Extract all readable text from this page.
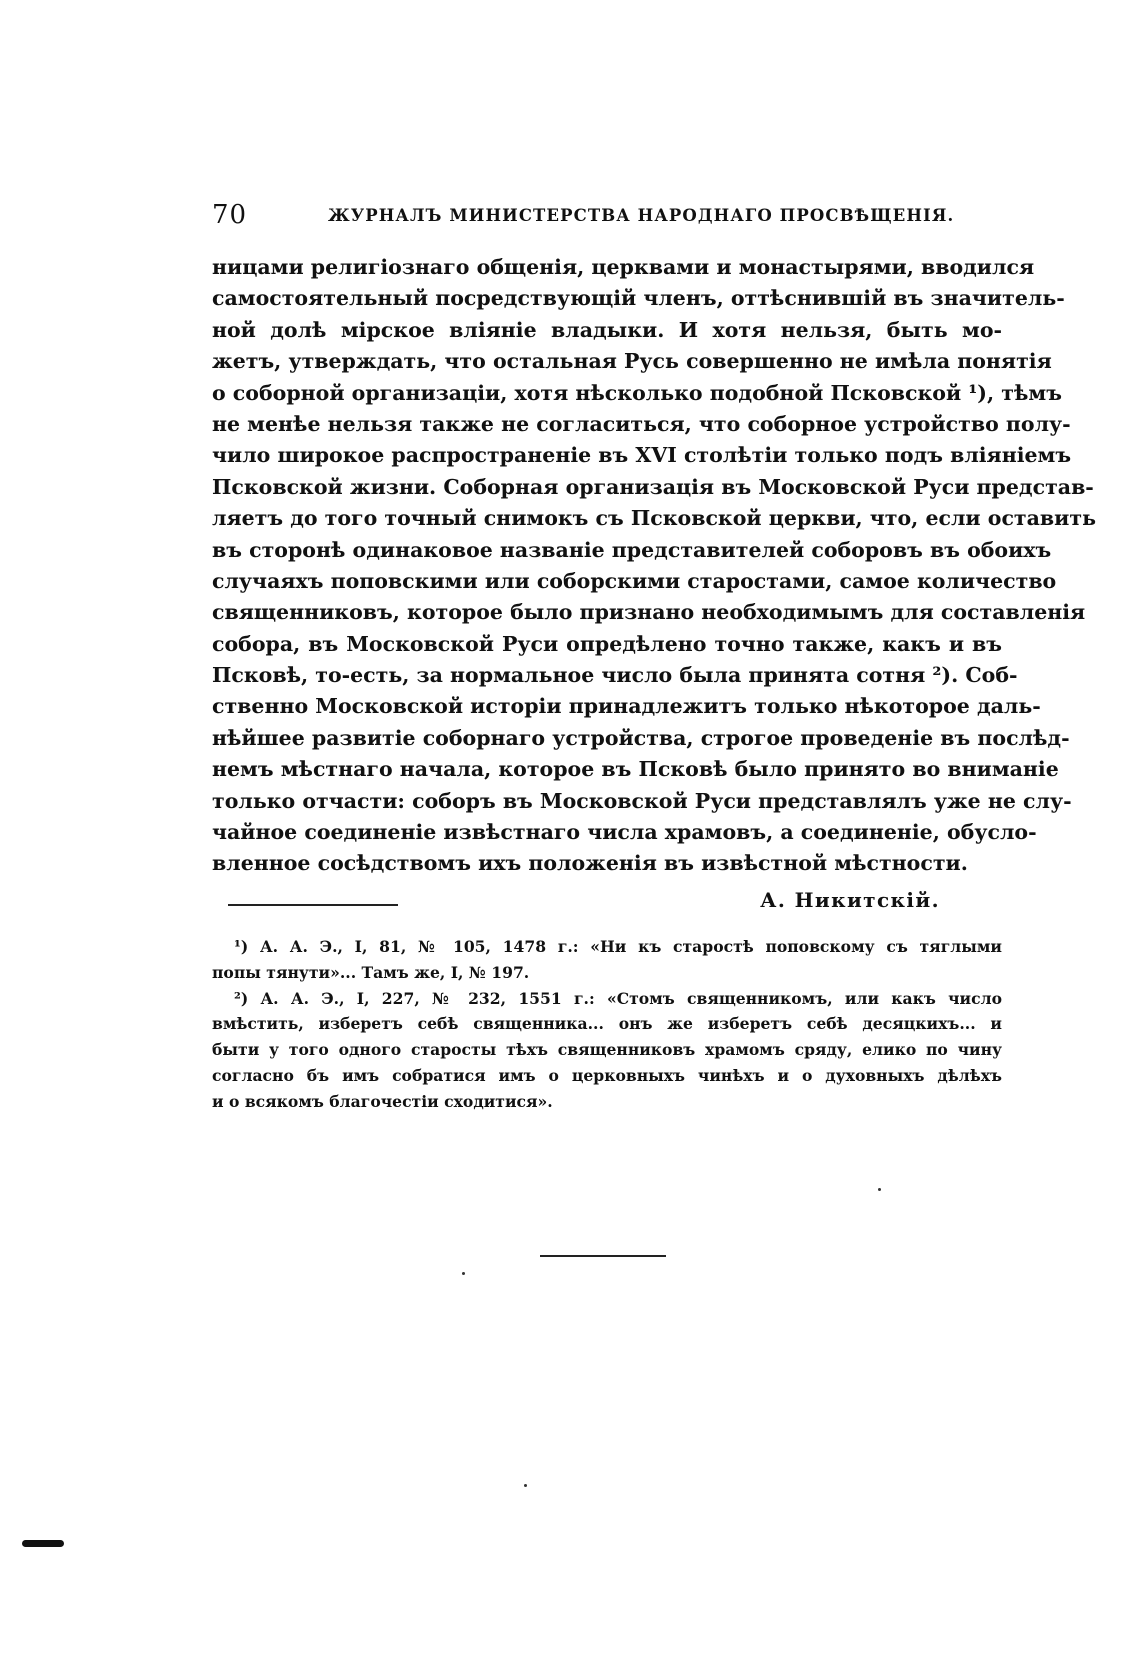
70	ЖУРНАЛЪ МИНИСТЕРСТВА НАРОДНАГО ПРОСВѢЩЕНІЯ.
ницами религіознаго общенія, церквами и монастырями, вводился
самостоятельный посредствующій членъ, оттѣснившій въ значитель-
ной долѣ мірское вліяніе владыки. И хотя нельзя, быть мо-
жетъ, утверждать, что остальная Русь совершенно не имѣла понятія
о соборной организаціи, хотя нѣсколько подобной Псковской ¹), тѣмъ
не менѣе нельзя также не согласиться, что соборное устройство полу-
чило широкое распространеніе въ XVI столѣтіи только подъ вліяніемъ
Псковской жизни. Соборная организація въ Московской Руси представ-
ляетъ до того точный снимокъ съ Псковской церкви, что, если оставить
въ сторонѣ одинаковое названіе представителей соборовъ въ обоихъ
случаяхъ поповскими или соборскими старостами, самое количество
священниковъ, которое было признано необходимымъ для составленія
собора, въ Московской Руси опредѣлено точно также, какъ и въ
Псковѣ, то-есть, за нормальное число была принята сотня ²). Соб-
ственно Московской исторіи принадлежитъ только нѣкоторое даль-
нѣйшее развитіе соборнаго устройства, строгое проведеніе въ послѣд-
немъ мѣстнаго начала, которое въ Псковѣ было принято во вниманіе
только отчасти: соборъ въ Московской Руси представлялъ уже не слу-
чайное соединеніе извѣстнаго числа храмовъ, а соединеніе, обусло-
вленное сосѣдствомъ ихъ положенія въ извѣстной мѣстности.
А. Никитскій.
¹) А. А. Э., I, 81, № 105, 1478 г.: «Ни къ старостѣ поповскому съ тяглыми
попы тянути»... Тамъ же, I, № 197.
²) А. А. Э., I, 227, № 232, 1551 г.: «Стомъ священникомъ, или какъ число
вмѣстить, изберетъ себѣ священника... онъ же изберетъ себѣ десяцкихъ... и
быти у того одного старосты тѣхъ священниковъ храмомъ сряду, елико по чину
согласно бъ имъ собратися имъ о церковныхъ чинѣхъ и о духовныхъ дѣлѣхъ
и о всякомъ благочестіи сходитися».
